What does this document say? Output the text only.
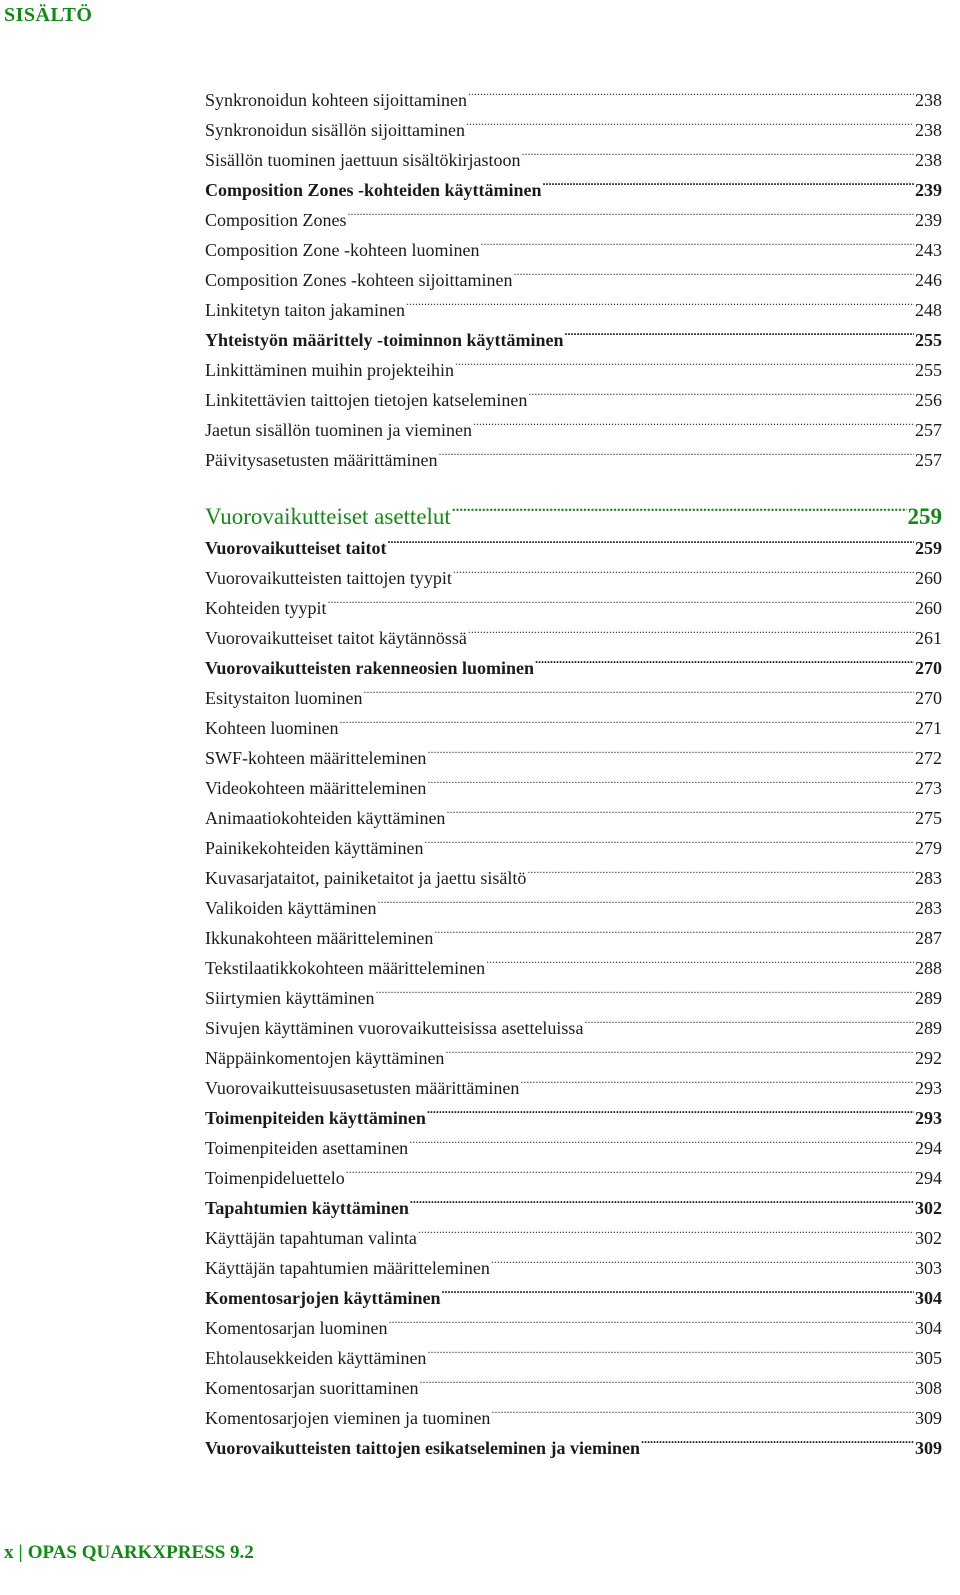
SISÄLTÖ
Synkronoidun kohteen sijoittaminen .....	238
Synkronoidun sisällön sijoittaminen .....	238
Sisällön tuominen jaettuun sisältökirjastoon .....	238
Composition Zones -kohteiden käyttäminen .....	239
Composition Zones .....	239
Composition Zone -kohteen luominen .....	243
Composition Zones -kohteen sijoittaminen .....	246
Linkitetyn taiton jakaminen .....	248
Yhteistyön määrittely -toiminnon käyttäminen .....	255
Linkittäminen muihin projekteihin .....	255
Linkitettävien taittojen tietojen katseleminen .....	256
Jaetun sisällön tuominen ja vieminen .....	257
Päivitysasetusten määrittäminen .....	257
Vuorovaikutteiset asettelut .....	259
Vuorovaikutteiset taitot .....	259
Vuorovaikutteisten taittojen tyypit .....	260
Kohteiden tyypit .....	260
Vuorovaikutteiset taitot käytännössä .....	261
Vuorovaikutteisten rakenneosien luominen .....	270
Esitystaiton luominen .....	270
Kohteen luominen .....	271
SWF-kohteen määritteleminen .....	272
Videokohteen määritteleminen .....	273
Animaatiokohteiden käyttäminen .....	275
Painikekohteiden käyttäminen .....	279
Kuvasarjataitot, painiketaitot ja jaettu sisältö .....	283
Valikoiden käyttäminen .....	283
Ikkunakohteen määritteleminen .....	287
Tekstilaatikkokohteen määritteleminen .....	288
Siirtymien käyttäminen .....	289
Sivujen käyttäminen vuorovaikutteisissa asetteluissa .....	289
Näppäinkomentojen käyttäminen .....	292
Vuorovaikutteisuusasetusten määrittäminen .....	293
Toimenpiteiden käyttäminen .....	293
Toimenpiteiden asettaminen .....	294
Toimenpideluettelo .....	294
Tapahtumien käyttäminen .....	302
Käyttäjän tapahtuman valinta .....	302
Käyttäjän tapahtumien määritteleminen .....	303
Komentosarjojen käyttäminen .....	304
Komentosarjan luominen .....	304
Ehtolausekkeiden käyttäminen .....	305
Komentosarjan suorittaminen .....	308
Komentosarjojen vieminen ja tuominen .....	309
Vuorovaikutteisten taittojen esikatseleminen ja vieminen .....	309
x | OPAS QUARKXPRESS 9.2
